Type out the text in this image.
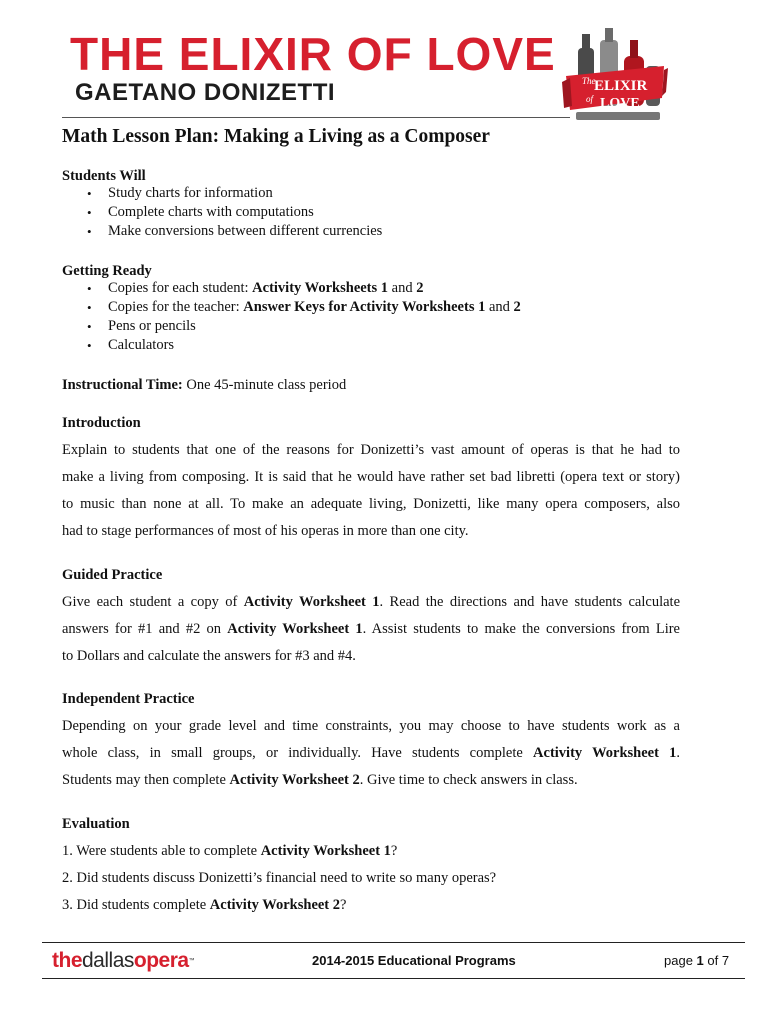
THE ELIXIR OF LOVE
GAETANO DONIZETTI	The
ELIXIR
of LOVE
Math Lesson Plan: Making a Living as a Composer
Students Will
• Study charts for information
• Complete charts with computations
• Make conversions between different currencies
Getting Ready
• Copies for each student: Activity Worksheets 1 and 2
• Copies for the teacher: Answer Keys for Activity Worksheets 1 and 2
• Pens or pencils
• Calculators
Instructional Time: One 45-minute class period
Introduction
Explain to students that one of the reasons for Donizetti’s vast amount of operas is that he had to
make a living from composing. It is said that he would have rather set bad libretti (opera text or story)
to music than none at all. To make an adequate living, Donizetti, like many opera composers, also
had to stage performances of most of his operas in more than one city.
Guided Practice
Give each student a copy of Activity Worksheet 1. Read the directions and have students calculate
answers for #1 and #2 on Activity Worksheet 1. Assist students to make the conversions from Lire
to Dollars and calculate the answers for #3 and #4.
Independent Practice
Depending on your grade level and time constraints, you may choose to have students work as a
whole class, in small groups, or individually. Have students complete Activity Worksheet 1.
Students may then complete Activity Worksheet 2. Give time to check answers in class.
Evaluation
1. Were students able to complete Activity Worksheet 1?
2. Did students discuss Donizetti’s financial need to write so many operas?
3. Did students complete Activity Worksheet 2?
thedallasopera™	2014-2015 Educational Programs	page 1 of 7
